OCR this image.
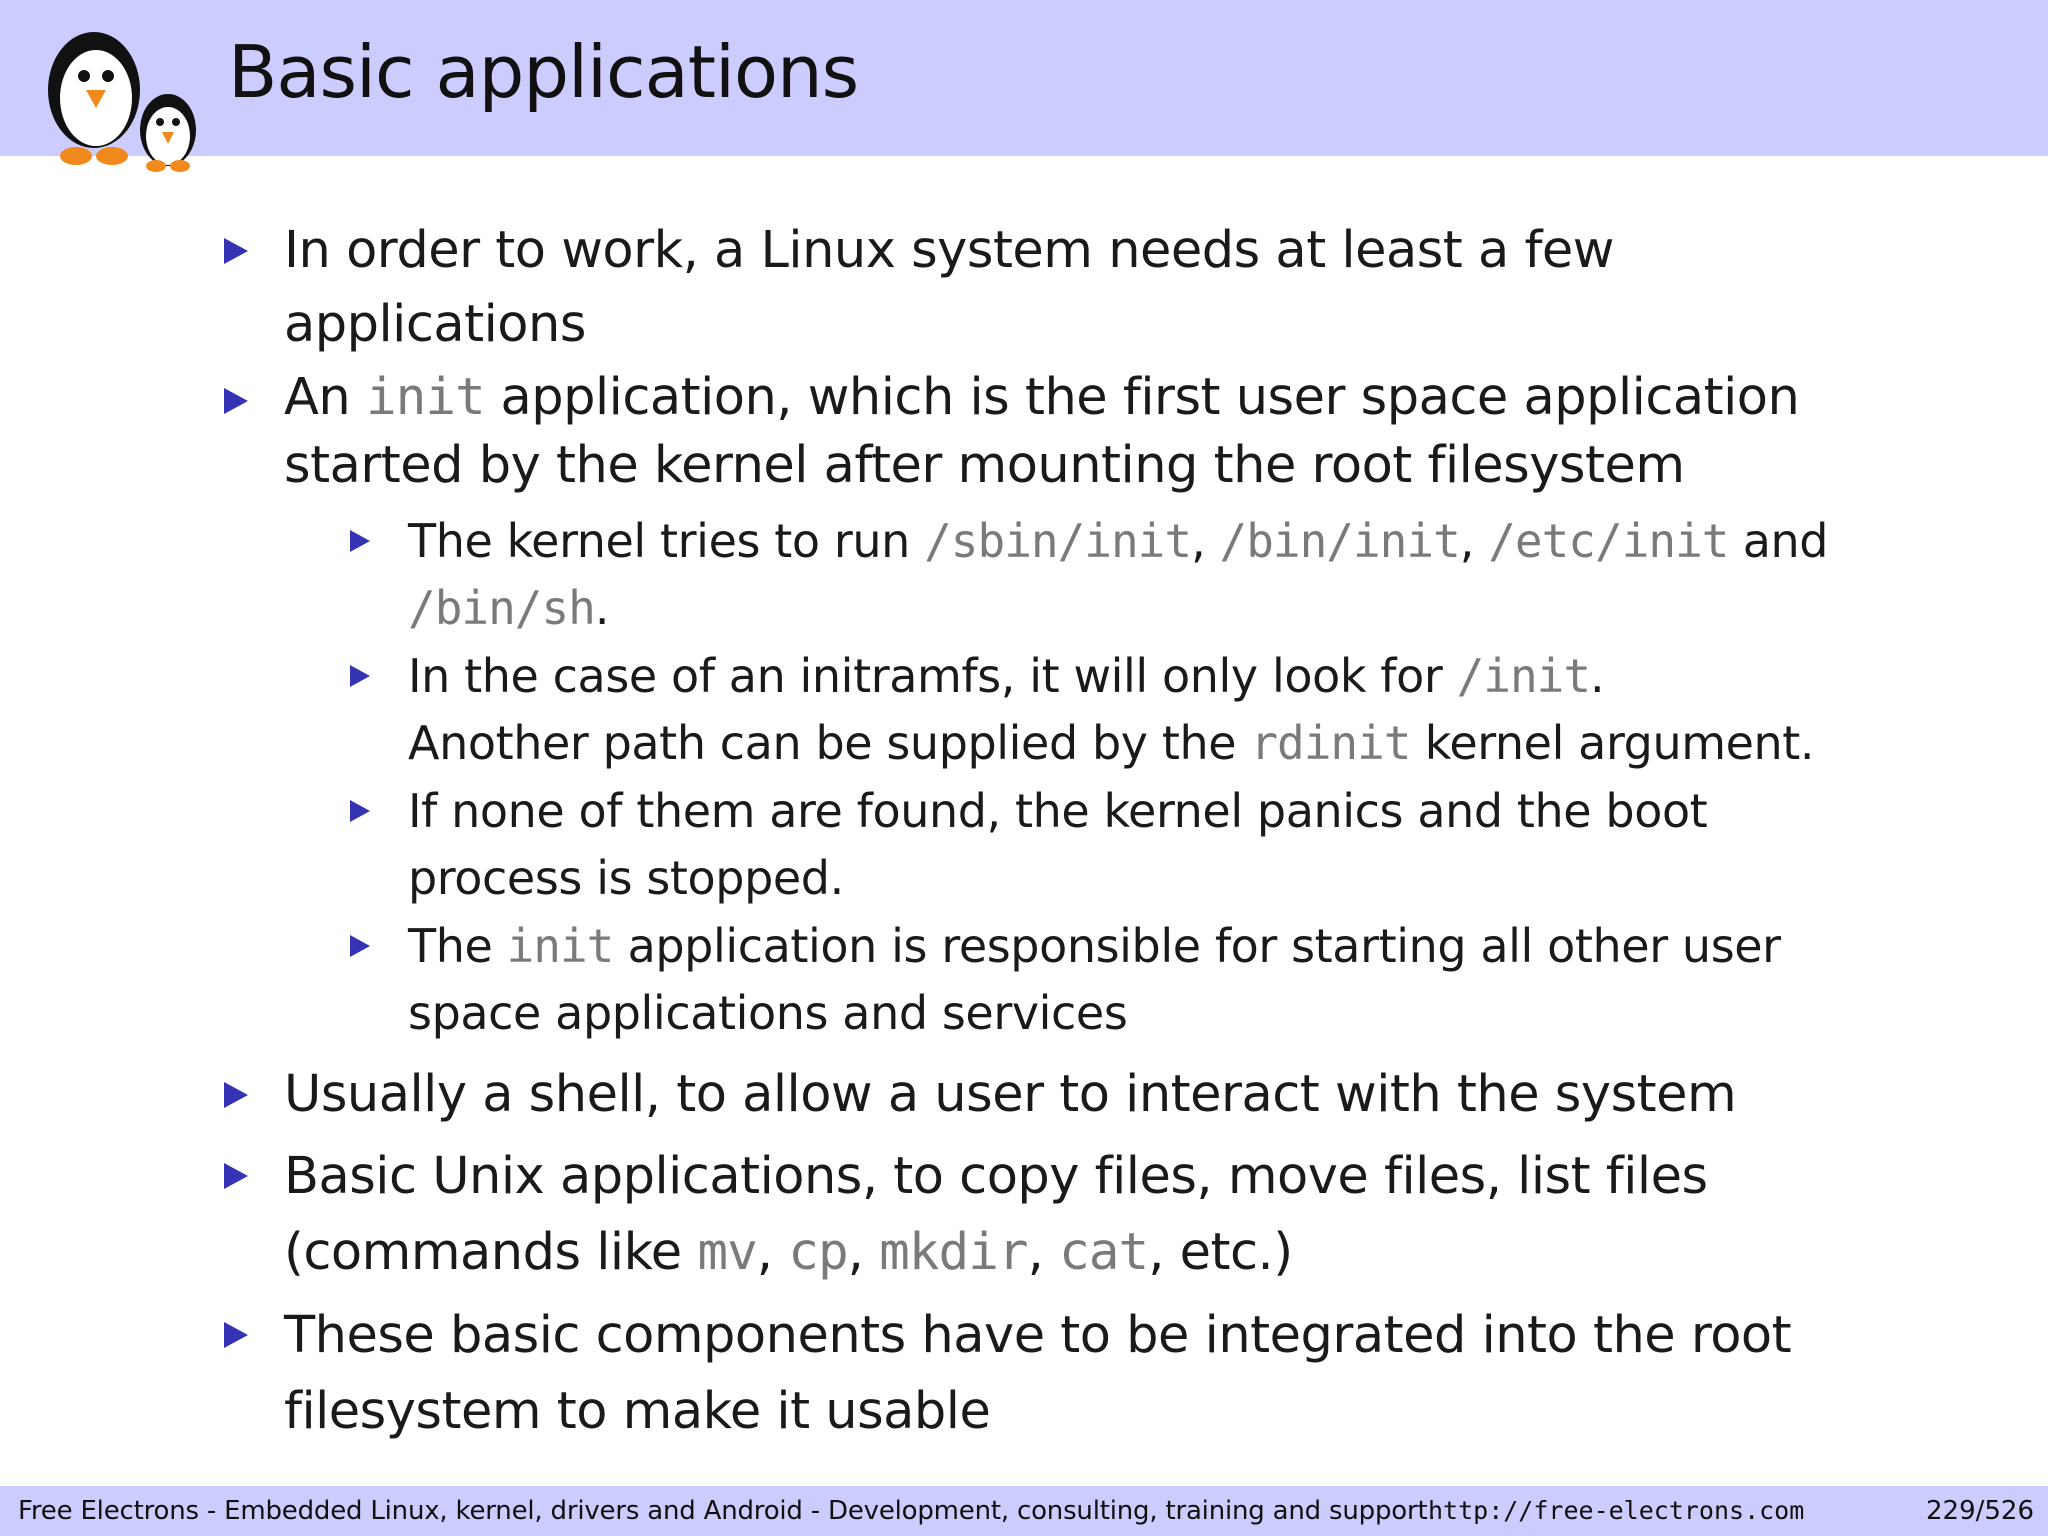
Basic applications
In order to work, a Linux system needs at least a few applications
An init application, which is the first user space application started by the kernel after mounting the root filesystem
The kernel tries to run /sbin/init, /bin/init, /etc/init and /bin/sh.
In the case of an initramfs, it will only look for /init.
Another path can be supplied by the rdinit kernel argument.
If none of them are found, the kernel panics and the boot process is stopped.
The init application is responsible for starting all other user space applications and services
Usually a shell, to allow a user to interact with the system
Basic Unix applications, to copy files, move files, list files (commands like mv, cp, mkdir, cat, etc.)
These basic components have to be integrated into the root filesystem to make it usable
Free Electrons - Embedded Linux, kernel, drivers and Android - Development, consulting, training and support.
http://free-electrons.com	229/526
